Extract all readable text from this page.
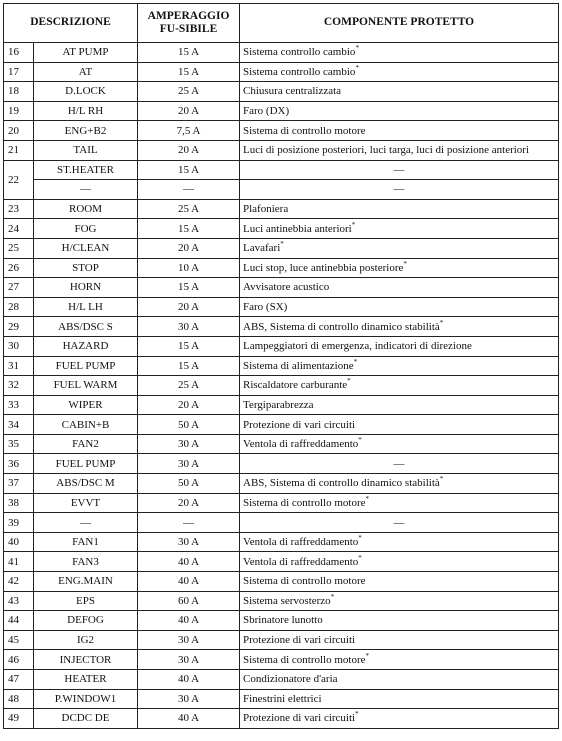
DESCRIZIONE		AMPERAGGIO FU-SIBILE	COMPONENTE PROTETTO
16	AT PUMP	15 A	Sistema controllo cambio*
17	AT	15 A	Sistema controllo cambio*
18	D.LOCK	25 A	Chiusura centralizzata
19	H/L RH	20 A	Faro (DX)
20	ENG+B2	7,5 A	Sistema di controllo motore
21	TAIL	20 A	Luci di posizione posteriori, luci targa, luci di posizione anteriori
22	ST.HEATER	15 A	—
	—	—	—
23	ROOM	25 A	Plafoniera
24	FOG	15 A	Luci antinebbia anteriori*
25	H/CLEAN	20 A	Lavafari*
26	STOP	10 A	Luci stop, luce antinebbia posteriore*
27	HORN	15 A	Avvisatore acustico
28	H/L LH	20 A	Faro (SX)
29	ABS/DSC S	30 A	ABS, Sistema di controllo dinamico stabilità*
30	HAZARD	15 A	Lampeggiatori di emergenza, indicatori di direzione
31	FUEL PUMP	15 A	Sistema di alimentazione*
32	FUEL WARM	25 A	Riscaldatore carburante*
33	WIPER	20 A	Tergiparabrezza
34	CABIN+B	50 A	Protezione di vari circuiti
35	FAN2	30 A	Ventola di raffreddamento*
36	FUEL PUMP	30 A	—
37	ABS/DSC M	50 A	ABS, Sistema di controllo dinamico stabilità*
38	EVVT	20 A	Sistema di controllo motore*
39	—	—	—
40	FAN1	30 A	Ventola di raffreddamento*
41	FAN3	40 A	Ventola di raffreddamento*
42	ENG.MAIN	40 A	Sistema di controllo motore
43	EPS	60 A	Sistema servosterzo*
44	DEFOG	40 A	Sbrinatore lunotto
45	IG2	30 A	Protezione di vari circuiti
46	INJECTOR	30 A	Sistema di controllo motore*
47	HEATER	40 A	Condizionatore d'aria
48	P.WINDOW1	30 A	Finestrini elettrici
49	DCDC DE	40 A	Protezione di vari circuiti*
